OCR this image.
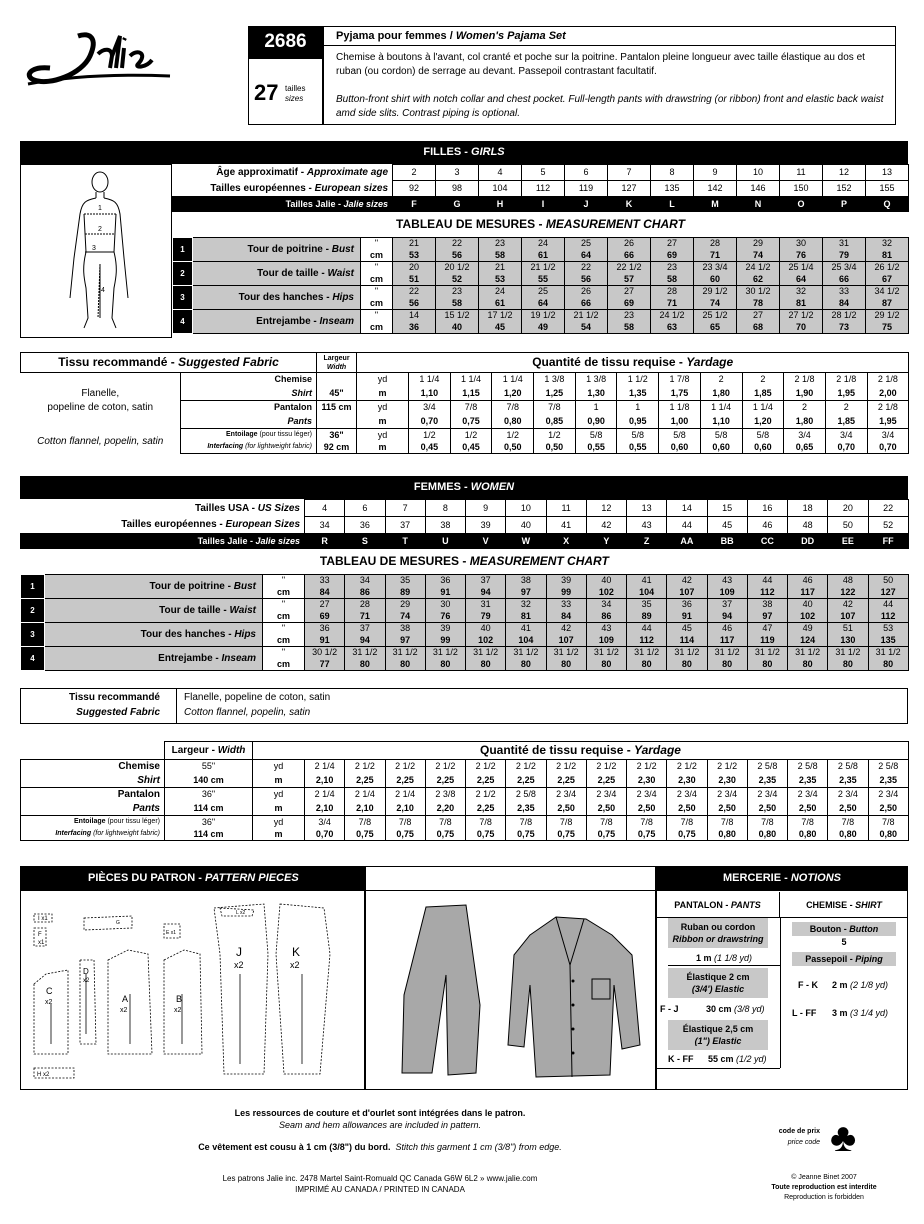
2686
27 tailles
sizes
Pyjama pour femmes / Women's Pajama Set
Chemise à boutons à l'avant, col cranté et poche sur la poitrine. Pantalon pleine longueur avec taille élastique au dos et ruban (ou cordon) de serrage au devant. Passepoil contrastant facultatif.
Button-front shirt with notch collar and chest pocket. Full-length pants with drawstring (or ribbon) front and elastic back waist amd side slits. Contrast piping is optional.
FILLES - GIRLS
1
2
3
4
Âge approximatif - Approximate age			2	3	4	5	6	7	8	9	10	11	12	13
Tailles européennes - European sizes			92	98	104	112	119	127	135	142	146	150	152	155
Tailles Jalie - Jalie sizes			F	G	H	I	J	K	L	M	N	O	P	Q
TABLEAU DE MESURES - MEASUREMENT CHART														
1	Tour de poitrine - Bust	"	21	22	23	24	25	26	27	28	29	30	31	32
		cm	53	56	58	61	64	66	69	71	74	76	79	81
2	Tour de taille - Waist	"	20	20 1/2	21	21 1/2	22	22 1/2	23	23 3/4	24 1/2	25 1/4	25 3/4	26 1/2
		cm	51	52	53	55	56	57	58	60	62	64	66	67
3	Tour des hanches - Hips	"	22	23	24	25	26	27	28	29 1/2	30 1/2	32	33	34 1/2
		cm	56	58	61	64	66	69	71	74	78	81	84	87
4	Entrejambe - Inseam	"	14	15 1/2	17 1/2	19 1/2	21 1/2	23	24 1/2	25 1/2	27	27 1/2	28 1/2	29 1/2
		cm	36	40	45	49	54	58	63	65	68	70	73	75
Tissu recommandé - Suggested Fabric		Largeur
Width	Quantité de tissu requise - Yardage												

Flanelle,
popeline de coton, satin	Chemise		yd	1 1/4	1 1/4	1 1/4	1 3/8	1 3/8	1 1/2	1 7/8	2	2	2 1/8	2 1/8	2 1/8
	Shirt	45"	m	1,10	1,15	1,20	1,25	1,30	1,35	1,75	1,80	1,85	1,90	1,95	2,00
	Pantalon	115 cm	yd	3/4	7/8	7/8	7/8	1	1	1 1/8	1 1/4	1 1/4	2	2	2 1/8
	Pants		m	0,70	0,75	0,80	0,85	0,90	0,95	1,00	1,10	1,20	1,80	1,85	1,95

Cotton flannel, popelin, satin	Entoilage (pour tissu léger)
Interfacing (for lightweight fabric)	36"	yd	1/2	1/2	1/2	1/2	5/8	5/8	5/8	5/8	5/8	3/4	3/4	3/4
		92 cm	m	0,45	0,45	0,50	0,50	0,55	0,55	0,60	0,60	0,60	0,65	0,70	0,70
FEMMES - WOMEN
Tailles USA - US Sizes			4	6	7	8	9	10	11	12	13	14	15	16	18	20	22
Tailles européennes - European Sizes			34	36	37	38	39	40	41	42	43	44	45	46	48	50	52
Tailles Jalie - Jalie sizes			R	S	T	U	V	W	X	Y	Z	AA	BB	CC	DD	EE	FF
TABLEAU DE MESURES - MEASUREMENT CHART																	
1	Tour de poitrine - Bust	"	33	34	35	36	37	38	39	40	41	42	43	44	46	48	50
		cm	84	86	89	91	94	97	99	102	104	107	109	112	117	122	127
2	Tour de taille - Waist	"	27	28	29	30	31	32	33	34	35	36	37	38	40	42	44
		cm	69	71	74	76	79	81	84	86	89	91	94	97	102	107	112
3	Tour des hanches - Hips	"	36	37	38	39	40	41	42	43	44	45	46	47	49	51	53
		cm	91	94	97	99	102	104	107	109	112	114	117	119	124	130	135
4	Entrejambe - Inseam	"	30 1/2	31 1/2	31 1/2	31 1/2	31 1/2	31 1/2	31 1/2	31 1/2	31 1/2	31 1/2	31 1/2	31 1/2	31 1/2	31 1/2	31 1/2
		cm	77	80	80	80	80	80	80	80	80	80	80	80	80	80	80
Tissu recommandé
Suggested Fabric
Flanelle, popeline de coton, satin
Cotton flannel, popelin, satin
	Largeur - Width	Quantité de tissu requise - Yardage															
Chemise	55"	yd	2 1/4	2 1/2	2 1/2	2 1/2	2 1/2	2 1/2	2 1/2	2 1/2	2 1/2	2 1/2	2 1/2	2 5/8	2 5/8	2 5/8	2 5/8
Shirt	140 cm	m	2,10	2,25	2,25	2,25	2,25	2,25	2,25	2,25	2,30	2,30	2,30	2,35	2,35	2,35	2,35
Pantalon	36"	yd	2 1/4	2 1/4	2 1/4	2 3/8	2 1/2	2 5/8	2 3/4	2 3/4	2 3/4	2 3/4	2 3/4	2 3/4	2 3/4	2 3/4	2 3/4
Pants	114 cm	m	2,10	2,10	2,10	2,20	2,25	2,35	2,50	2,50	2,50	2,50	2,50	2,50	2,50	2,50	2,50

Entoilage (pour tissu léger)
Interfacing (for lightweight fabric)	36"	yd	3/4	7/8	7/8	7/8	7/8	7/8	7/8	7/8	7/8	7/8	7/8	7/8	7/8	7/8	7/8
	114 cm	m	0,70	0,75	0,75	0,75	0,75	0,75	0,75	0,75	0,75	0,75	0,80	0,80	0,80	0,80	0,80
PIÈCES DU PATRON - PATTERN PIECES
C
x2
D
x2
A
x2
B
x2
J
x2
K
x2
H x2
I x1
F
x1
G
E x1
L x2
MERCERIE - NOTIONS
PANTALON - PANTS	CHEMISE - SHIRT
Ruban ou cordon
Ribbon or drawstring
1 m (1 1/8 yd)
Élastique 2 cm
(3/4') Elastic
F - J	30 cm (3/8 yd)
Élastique 2,5 cm
(1") Elastic
K - FF 55 cm (1/2 yd)
Bouton - Button
5
Passepoil - Piping
F - K 2 m (2 1/8 yd)
L - FF 3 m (3 1/4 yd)
Les ressources de couture et d'ourlet sont intégrées dans le patron.
Seam and hem allowances are included in pattern.
Ce vêtement est cousu à 1 cm (3/8") du bord. Stitch this garment 1 cm (3/8") from edge.
Les patrons Jalie inc. 2478 Martel Saint-Romuald QC Canada G6W 6L2 » www.jalie.com
IMPRIMÉ AU CANADA / PRINTED IN CANADA
code de prix
price code ♣
© Jeanne Binet 2007
Toute reproduction est interdite
Reproduction is forbidden
